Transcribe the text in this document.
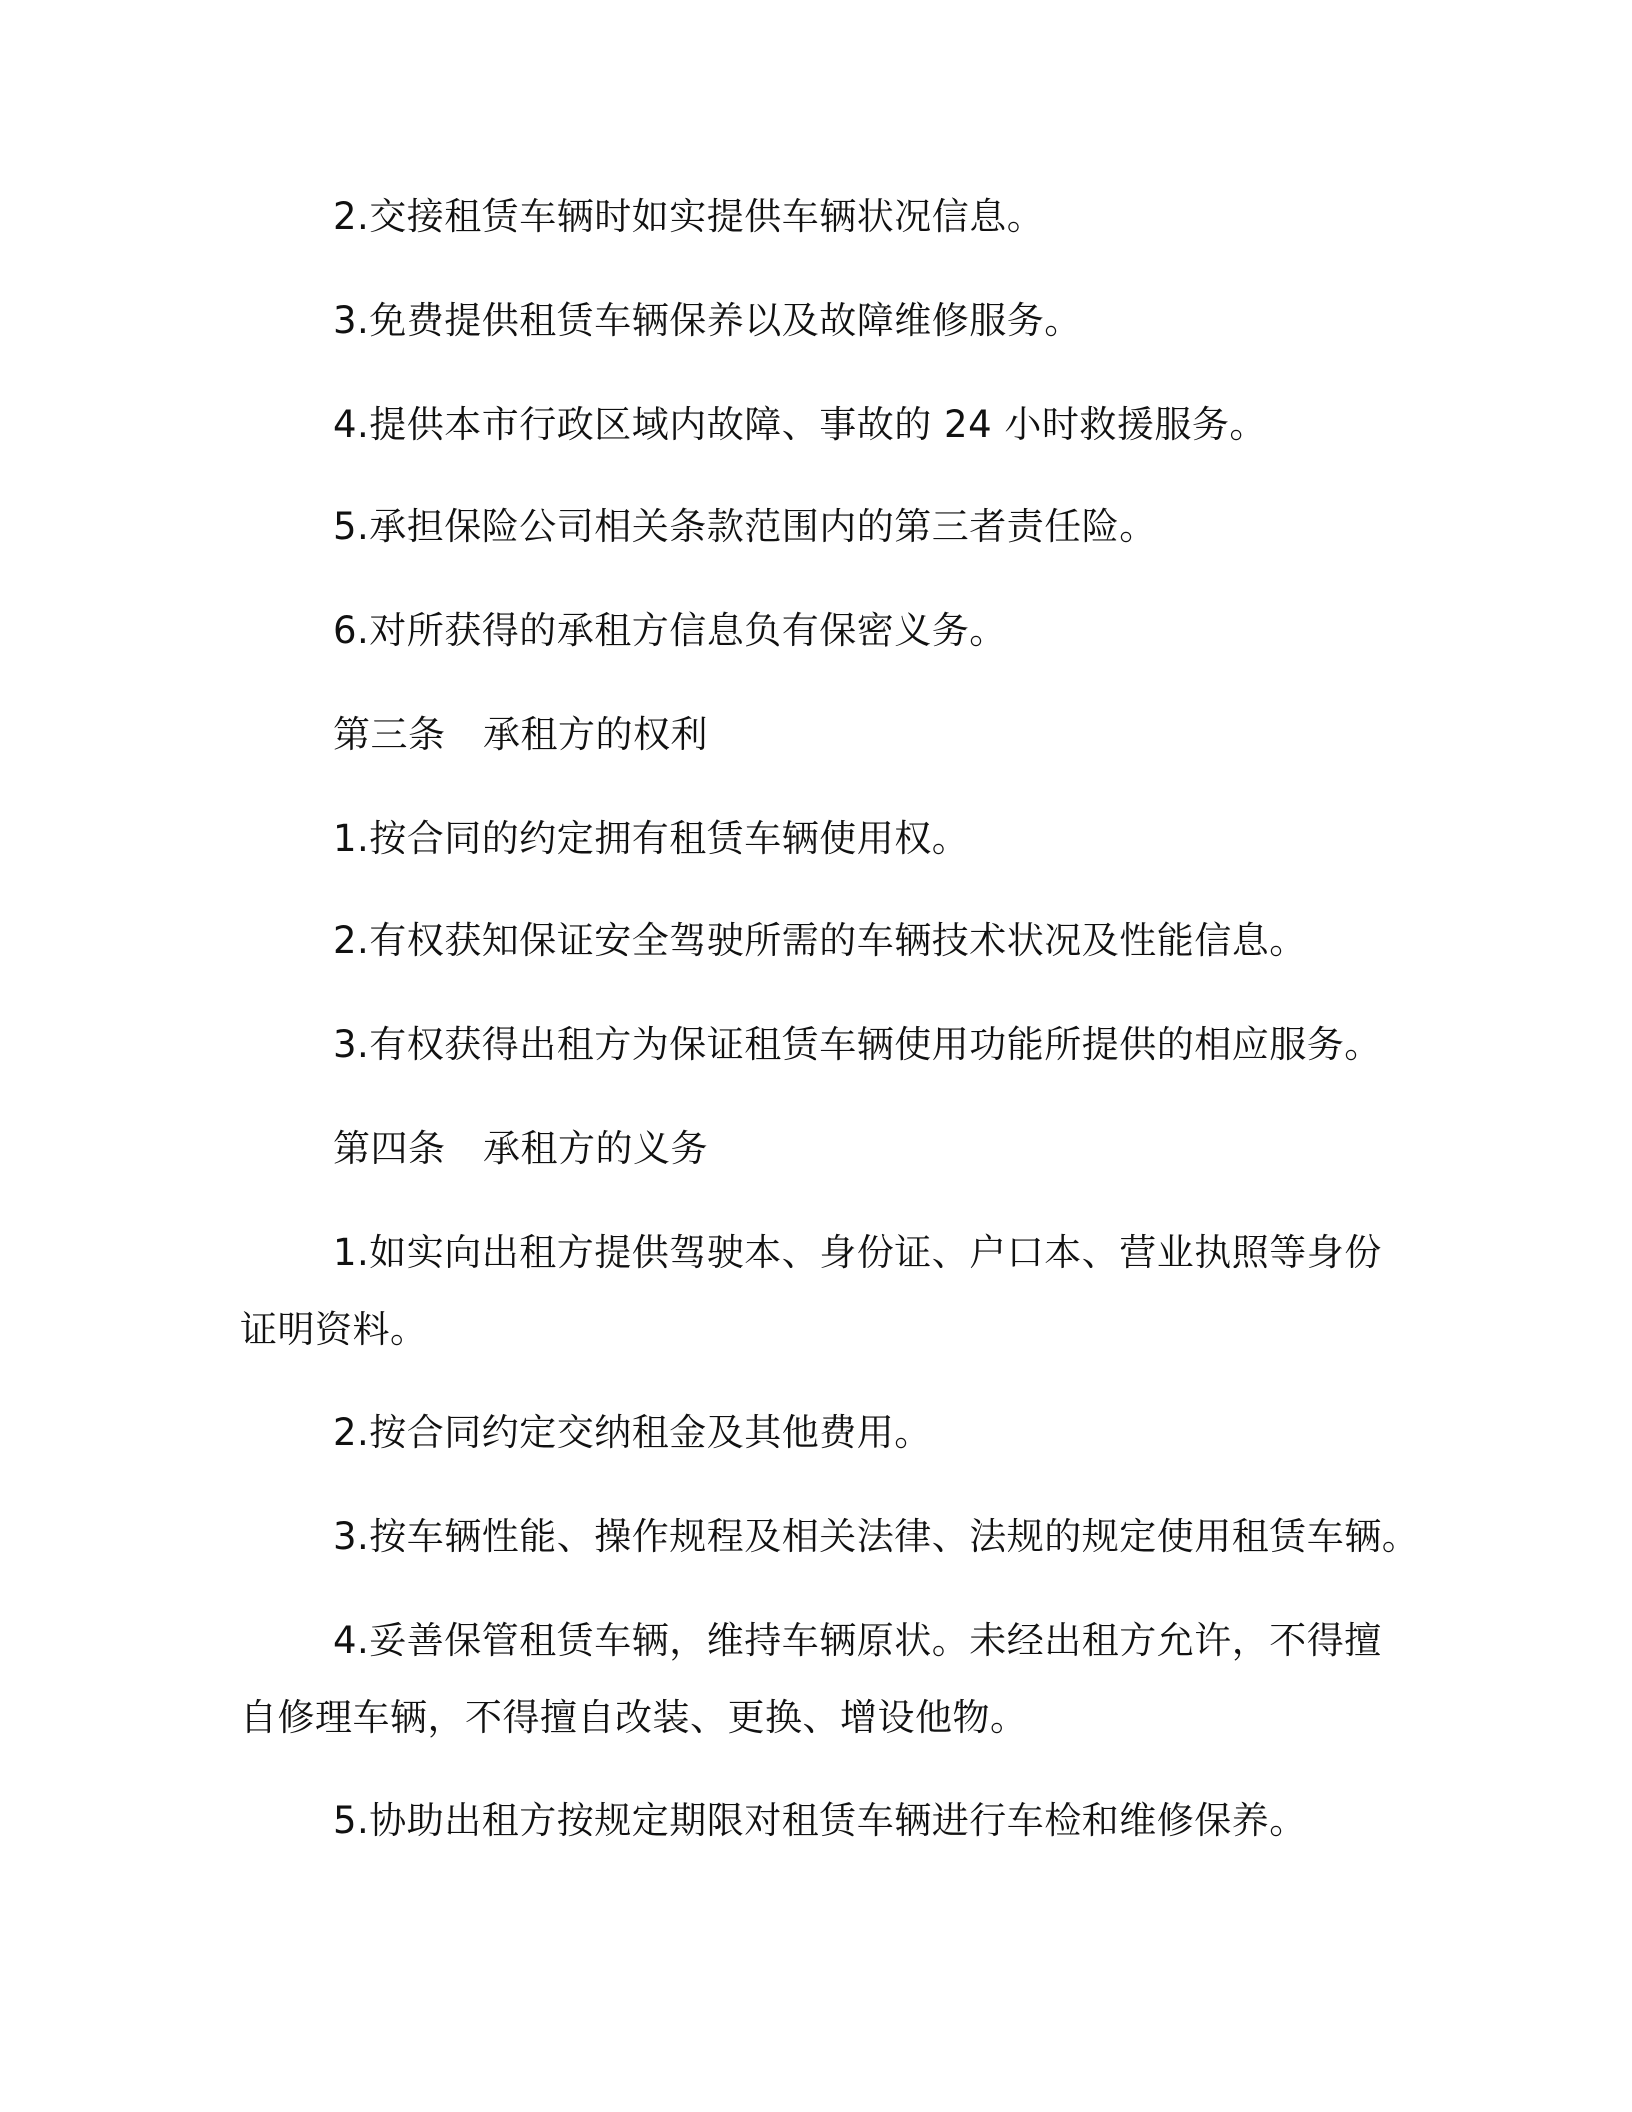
2.交接租赁车辆时如实提供车辆状况信息。
3.免费提供租赁车辆保养以及故障维修服务。
4.提供本市行政区域内故障、事故的 24 小时救援服务。
5.承担保险公司相关条款范围内的第三者责任险。
6.对所获得的承租方信息负有保密义务。
第三条　承租方的权利
1.按合同的约定拥有租赁车辆使用权。
2.有权获知保证安全驾驶所需的车辆技术状况及性能信息。
3.有权获得出租方为保证租赁车辆使用功能所提供的相应服务。
第四条　承租方的义务
1.如实向出租方提供驾驶本、身份证、户口本、营业执照等身份
证明资料。
2.按合同约定交纳租金及其他费用。
3.按车辆性能、操作规程及相关法律、法规的规定使用租赁车辆。
4.妥善保管租赁车辆，维持车辆原状。未经出租方允许，不得擅
自修理车辆，不得擅自改装、更换、增设他物。
5.协助出租方按规定期限对租赁车辆进行车检和维修保养。
